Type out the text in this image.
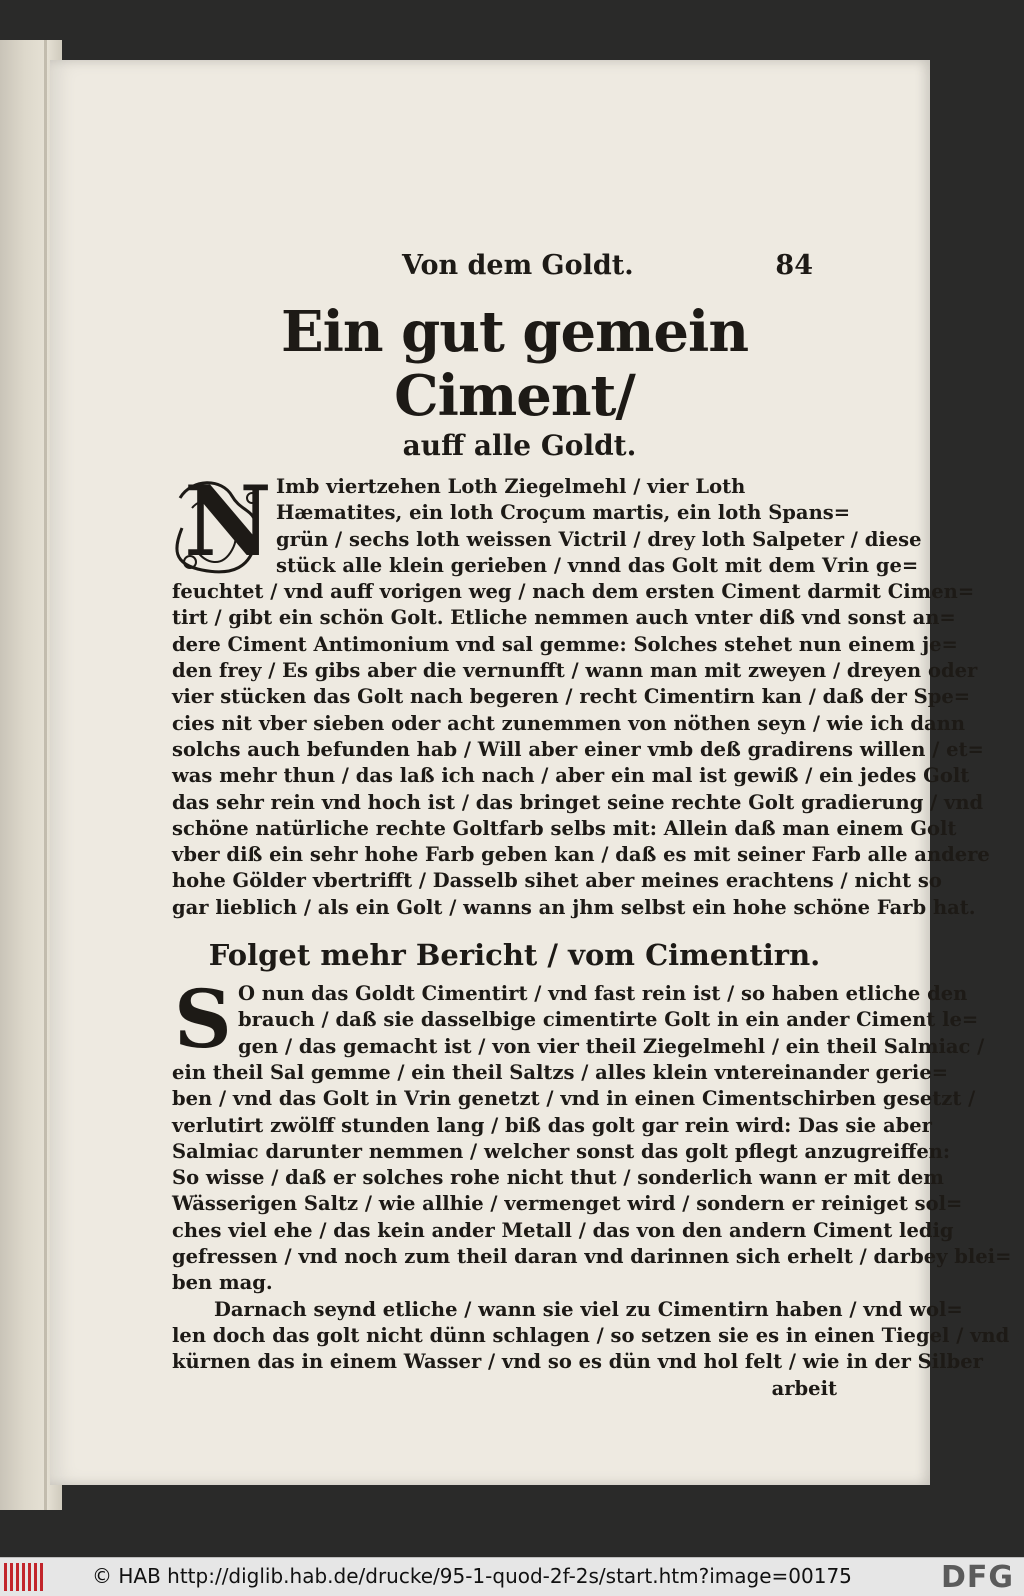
Von dem Goldt.	84
Ein gut gemein Ciment/
auff alle Goldt.
N Imb viertzehen Loth Ziegelmehl / vier Loth
Hæmatites, ein loth Croçum martis, ein loth Spans=
grün / sechs loth weissen Victril / drey loth Salpeter / diese
stück alle klein gerieben / vnnd das Golt mit dem Vrin ge=
feuchtet / vnd auff vorigen weg / nach dem ersten Ciment darmit Cimen=
tirt / gibt ein schön Golt. Etliche nemmen auch vnter diß vnd sonst an=
dere Ciment Antimonium vnd sal gemme: Solches stehet nun einem je=
den frey / Es gibs aber die vernunfft / wann man mit zweyen / dreyen oder
vier stücken das Golt nach begeren / recht Cimentirn kan / daß der Spe=
cies nit vber sieben oder acht zunemmen von nöthen seyn / wie ich dann
solchs auch befunden hab / Will aber einer vmb deß gradirens willen / et=
was mehr thun / das laß ich nach / aber ein mal ist gewiß / ein jedes Golt
das sehr rein vnd hoch ist / das bringet seine rechte Golt gradierung / vnd
schöne natürliche rechte Goltfarb selbs mit: Allein daß man einem Golt
vber diß ein sehr hohe Farb geben kan / daß es mit seiner Farb alle andere
hohe Gölder vbertrifft / Dasselb sihet aber meines erachtens / nicht so
gar lieblich / als ein Golt / wanns an jhm selbst ein hohe schöne Farb hat.
Folget mehr Bericht / vom Cimentirn.
S O nun das Goldt Cimentirt / vnd fast rein ist / so haben etliche den
brauch / daß sie dasselbige cimentirte Golt in ein ander Ciment le=
gen / das gemacht ist / von vier theil Ziegelmehl / ein theil Salmiac /
ein theil Sal gemme / ein theil Saltzs / alles klein vntereinander gerie=
ben / vnd das Golt in Vrin genetzt / vnd in einen Cimentschirben gesetzt /
verlutirt zwölff stunden lang / biß das golt gar rein wird: Das sie aber
Salmiac darunter nemmen / welcher sonst das golt pflegt anzugreiffen:
So wisse / daß er solches rohe nicht thut / sonderlich wann er mit dem
Wässerigen Saltz / wie allhie / vermenget wird / sondern er reiniget sol=
ches viel ehe / das kein ander Metall / das von den andern Ciment ledig
gefressen / vnd noch zum theil daran vnd darinnen sich erhelt / darbey blei=
ben mag.
Darnach seynd etliche / wann sie viel zu Cimentirn haben / vnd wol=
len doch das golt nicht dünn schlagen / so setzen sie es in einen Tiegel / vnd
kürnen das in einem Wasser / vnd so es dün vnd hol felt / wie in der Silber
arbeit
© HAB http://diglib.hab.de/drucke/95-1-quod-2f-2s/start.htm?image=00175	DFG
